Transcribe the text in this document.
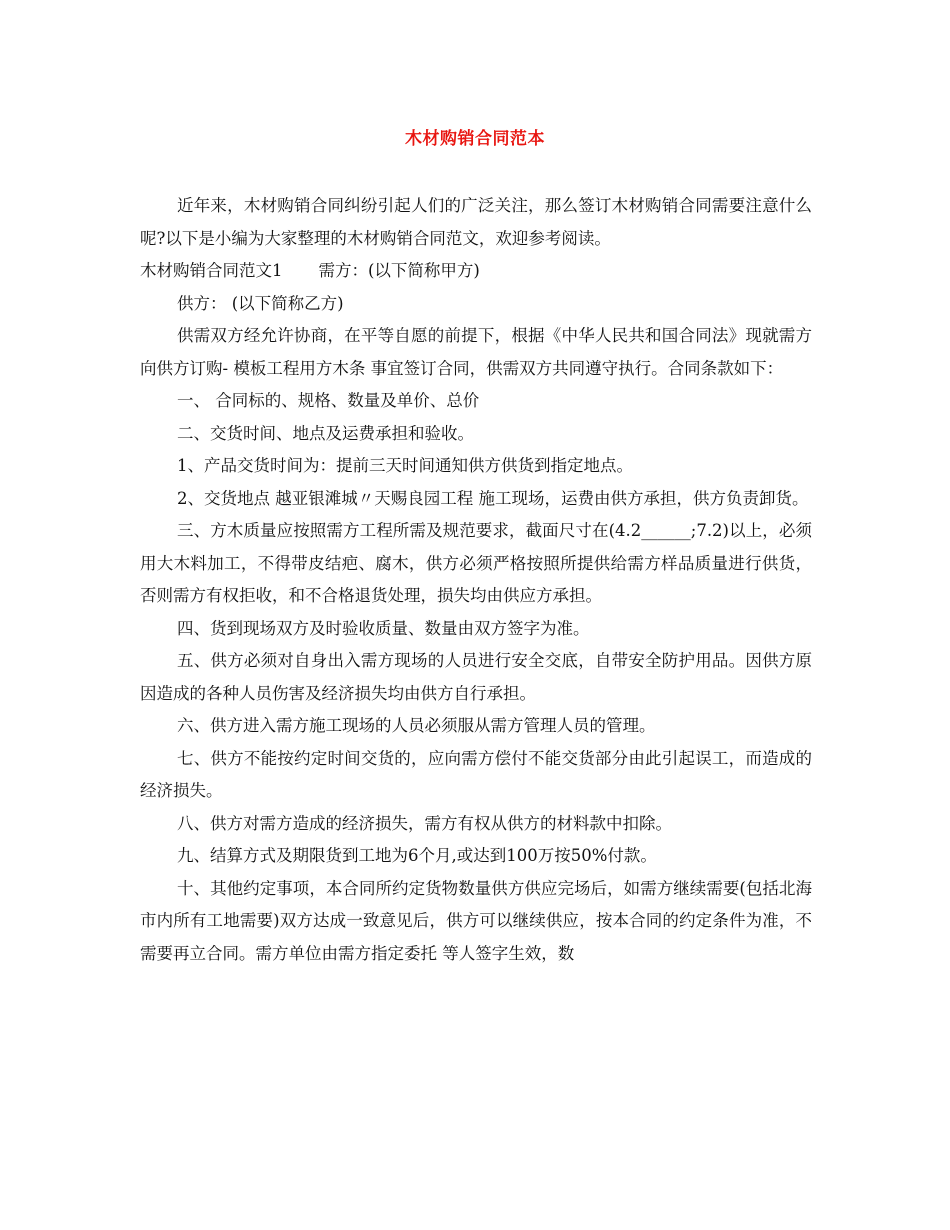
木材购销合同范本

近年来，木材购销合同纠纷引起人们的广泛关注，那么签订木材购销合同需要注意什么呢?以下是小编为大家整理的木材购销合同范文，欢迎参考阅读。

木材购销合同范文1 需方：(以下简称甲方)

供方： (以下简称乙方)

供需双方经允许协商，在平等自愿的前提下，根据《中华人民共和国合同法》现就需方向供方订购- 模板工程用方木条 事宜签订合同，供需双方共同遵守执行。合同条款如下：

一、 合同标的、规格、数量及单价、总价

二、交货时间、地点及运费承担和验收。

1、产品交货时间为：提前三天时间通知供方供货到指定地点。

2、交货地点 越亚银滩城〃天赐良园工程 施工现场，运费由供方承担，供方负责卸货。

三、方木质量应按照需方工程所需及规范要求，截面尺寸在(4.2______;7.2)以上，必须用大木料加工，不得带皮结疤、腐木，供方必须严格按照所提供给需方样品质量进行供货，否则需方有权拒收，和不合格退货处理，损失均由供应方承担。

四、货到现场双方及时验收质量、数量由双方签字为准。

五、供方必须对自身出入需方现场的人员进行安全交底，自带安全防护用品。因供方原因造成的各种人员伤害及经济损失均由供方自行承担。

六、供方进入需方施工现场的人员必须服从需方管理人员的管理。

七、供方不能按约定时间交货的，应向需方偿付不能交货部分由此引起误工，而造成的经济损失。

八、供方对需方造成的经济损失，需方有权从供方的材料款中扣除。

九、结算方式及期限货到工地为6个月,或达到100万按50%付款。

十、其他约定事项，本合同所约定货物数量供方供应完场后，如需方继续需要(包括北海市内所有工地需要)双方达成一致意见后，供方可以继续供应，按本合同的约定条件为准，不需要再立合同。需方单位由需方指定委托 等人签字生效，数
